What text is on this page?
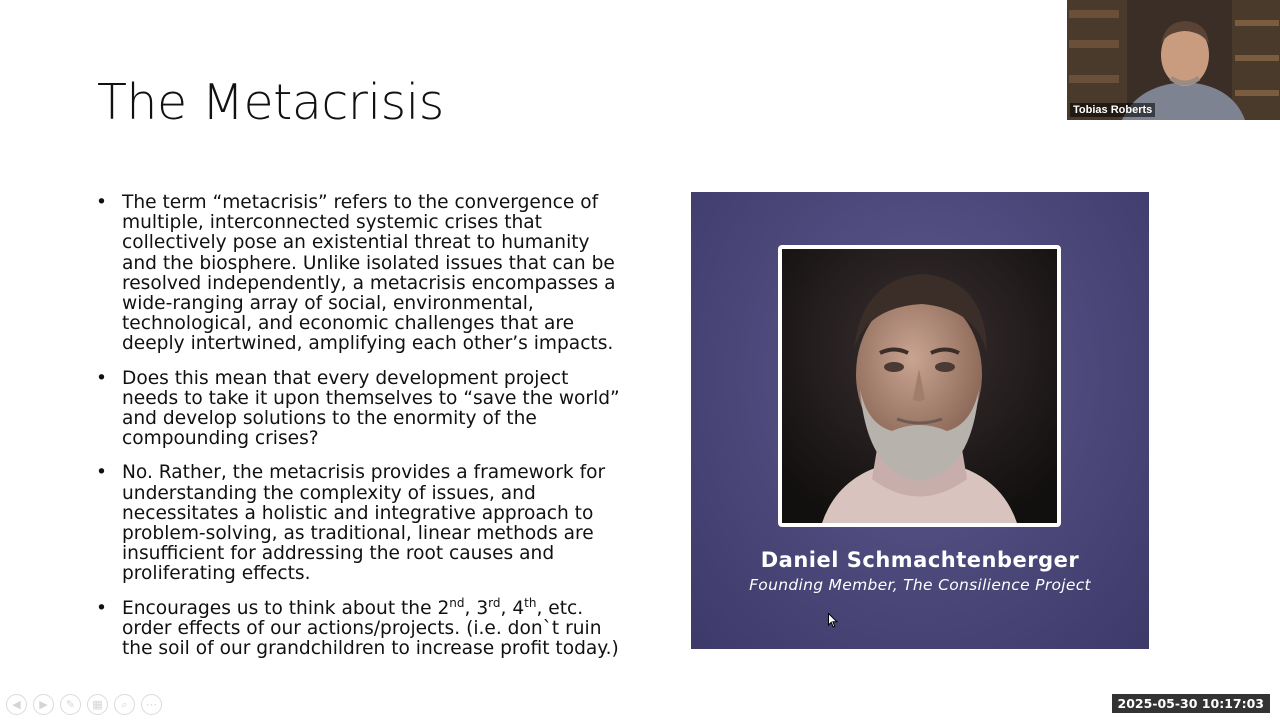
The Metacrisis
• The term “metacrisis” refers to the convergence of multiple, interconnected systemic crises that collectively pose an existential threat to humanity and the biosphere. Unlike isolated issues that can be resolved independently, a metacrisis encompasses a wide-ranging array of social, environmental, technological, and economic challenges that are deeply intertwined, amplifying each other’s impacts.
• Does this mean that every development project needs to take it upon themselves to “save the world” and develop solutions to the enormity of the compounding crises?
• No. Rather, the metacrisis provides a framework for understanding the complexity of issues, and necessitates a holistic and integrative approach to problem-solving, as traditional, linear methods are insufficient for addressing the root causes and proliferating effects.
• Encourages us to think about the 2nd, 3rd, 4th, etc. order effects of our actions/projects. (i.e. don`t ruin the soil of our grandchildren to increase profit today.)
Daniel Schmachtenberger
Founding Member, The Consilience Project
Tobias Roberts
◀	▶	✎	▦	⌕	⋯	2025-05-30 10:17:03
